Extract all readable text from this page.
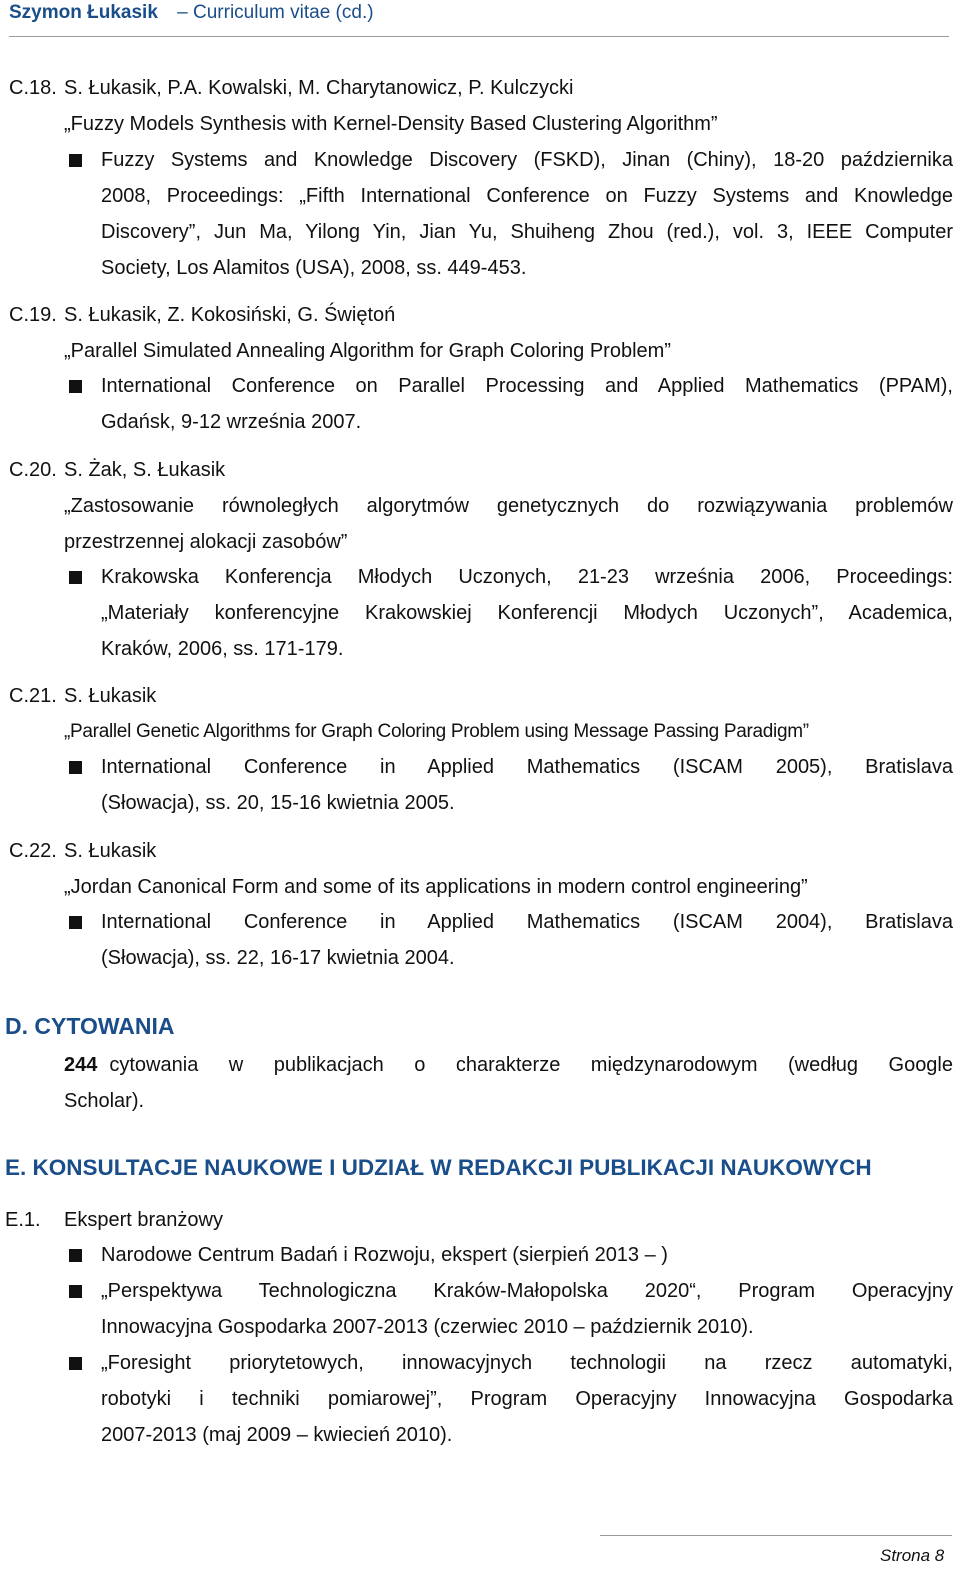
Szymon Łukasik – Curriculum vitae (cd.)
C.18. S. Łukasik, P.A. Kowalski, M. Charytanowicz, P. Kulczycki
„Fuzzy Models Synthesis with Kernel-Density Based Clustering Algorithm”
Fuzzy Systems and Knowledge Discovery (FSKD), Jinan (Chiny), 18-20 października
2008, Proceedings: „Fifth International Conference on Fuzzy Systems and Knowledge
Discovery”, Jun Ma, Yilong Yin, Jian Yu, Shuiheng Zhou (red.), vol. 3, IEEE Computer
Society, Los Alamitos (USA), 2008, ss. 449-453.
C.19. S. Łukasik, Z. Kokosiński, G. Świętoń
„Parallel Simulated Annealing Algorithm for Graph Coloring Problem”
International Conference on Parallel Processing and Applied Mathematics (PPAM),
Gdańsk, 9-12 września 2007.
C.20. S. Żak, S. Łukasik
„Zastosowanie równoległych algorytmów genetycznych do rozwiązywania problemów
przestrzennej alokacji zasobów”
Krakowska Konferencja Młodych Uczonych, 21-23 września 2006, Proceedings:
„Materiały konferencyjne Krakowskiej Konferencji Młodych Uczonych”, Academica,
Kraków, 2006, ss. 171-179.
C.21. S. Łukasik
„Parallel Genetic Algorithms for Graph Coloring Problem using Message Passing Paradigm”
International Conference in Applied Mathematics (ISCAM 2005), Bratislava
(Słowacja), ss. 20, 15-16 kwietnia 2005.
C.22. S. Łukasik
„Jordan Canonical Form and some of its applications in modern control engineering”
International Conference in Applied Mathematics (ISCAM 2004), Bratislava
(Słowacja), ss. 22, 16-17 kwietnia 2004.
D. CYTOWANIA
244 cytowania w publikacjach o charakterze międzynarodowym (według Google
Scholar).
E. KONSULTACJE NAUKOWE I UDZIAŁ W REDAKCJI PUBLIKACJI NAUKOWYCH
E.1. Ekspert branżowy
Narodowe Centrum Badań i Rozwoju, ekspert (sierpień 2013 – )
„Perspektywa Technologiczna Kraków-Małopolska 2020“, Program Operacyjny
Innowacyjna Gospodarka 2007-2013 (czerwiec 2010 – październik 2010).
„Foresight priorytetowych, innowacyjnych technologii na rzecz automatyki,
robotyki i techniki pomiarowej”, Program Operacyjny Innowacyjna Gospodarka
2007-2013 (maj 2009 – kwiecień 2010).
Strona 8
